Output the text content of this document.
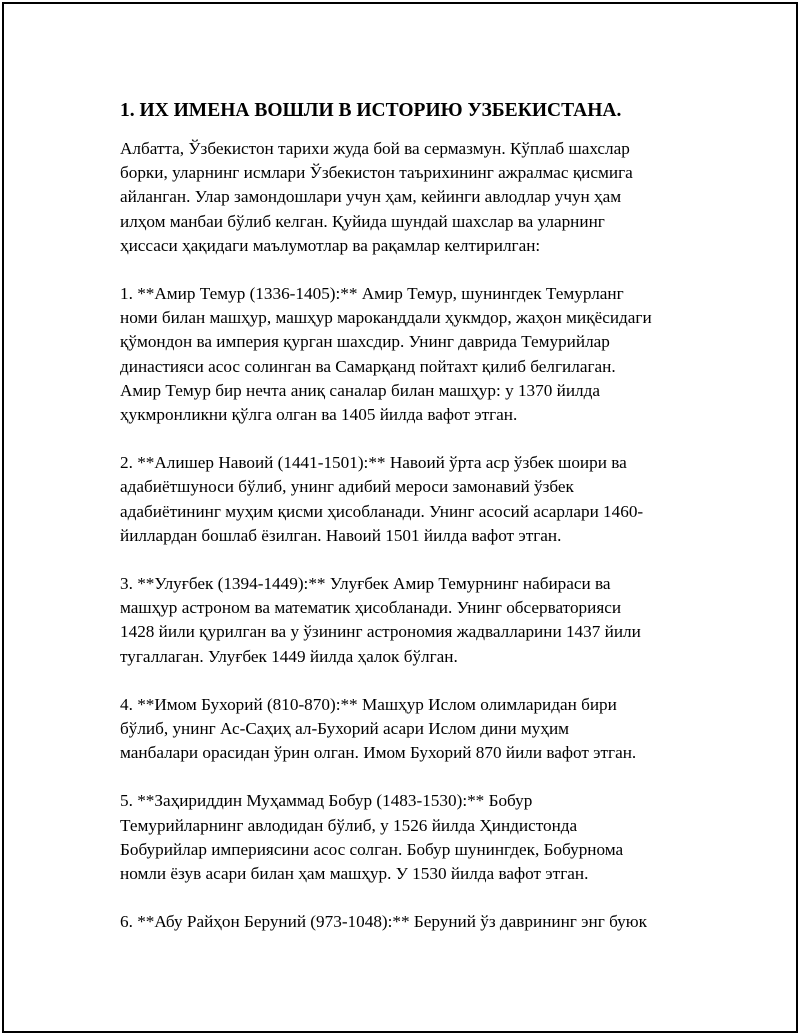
1. ИХ ИМЕНА ВОШЛИ В ИСТОРИЮ УЗБЕКИСТАНА.

Албатта, Ўзбекистон тарихи жуда бой ва сермазмун. Кўплаб шахслар
борки, уларнинг исмлари Ўзбекистон таърихининг ажралмас қисмига
айланган. Улар замондошлари учун ҳам, кейинги авлодлар учун ҳам
илҳом манбаи бўлиб келган. Қуйида шундай шахслар ва уларнинг
ҳиссаси ҳақидаги маълумотлар ва рақамлар келтирилган:

1. **Амир Темур (1336-1405):** Амир Темур, шунингдек Темурланг
номи билан машҳур, машҳур мароканддали ҳукмдор, жаҳон миқёсидаги
қўмондон ва империя қурган шахсдир. Унинг даврида Темурийлар
династияси асос солинган ва Самарқанд пойтахт қилиб белгилаган.
Амир Темур бир нечта аниқ саналар билан машҳур: у 1370 йилда
ҳукмронликни қўлга олган ва 1405 йилда вафот этган.

2. **Алишер Навоий (1441-1501):** Навоий ўрта аср ўзбек шоири ва
адабиётшуноси бўлиб, унинг адибий мероси замонавий ўзбек
адабиётининг муҳим қисми ҳисобланади. Унинг асосий асарлари 1460-
йиллардан бошлаб ёзилган. Навоий 1501 йилда вафот этган.

3. **Улуғбек (1394-1449):** Улуғбек Амир Темурнинг набираси ва
машҳур астроном ва математик ҳисобланади. Унинг обсерваторияси
1428 йили қурилган ва у ўзининг астрономия жадвалларини 1437 йили
тугаллаган. Улуғбек 1449 йилда ҳалок бўлган.

4. **Имом Бухорий (810-870):** Машҳур Ислом олимларидан бири
бўлиб, унинг Ас-Саҳиҳ ал-Бухорий асари Ислом дини муҳим
манбалари орасидан ўрин олган. Имом Бухорий 870 йили вафот этган.

5. **Заҳириддин Муҳаммад Бобур (1483-1530):** Бобур
Темурийларнинг авлодидан бўлиб, у 1526 йилда Ҳиндистонда
Бобурийлар империясини асос солган. Бобур шунингдек, Бобурнома
номли ёзув асари билан ҳам машҳур. У 1530 йилда вафот этган.

6. **Абу Райҳон Беруний (973-1048):** Беруний ўз даврининг энг буюк
